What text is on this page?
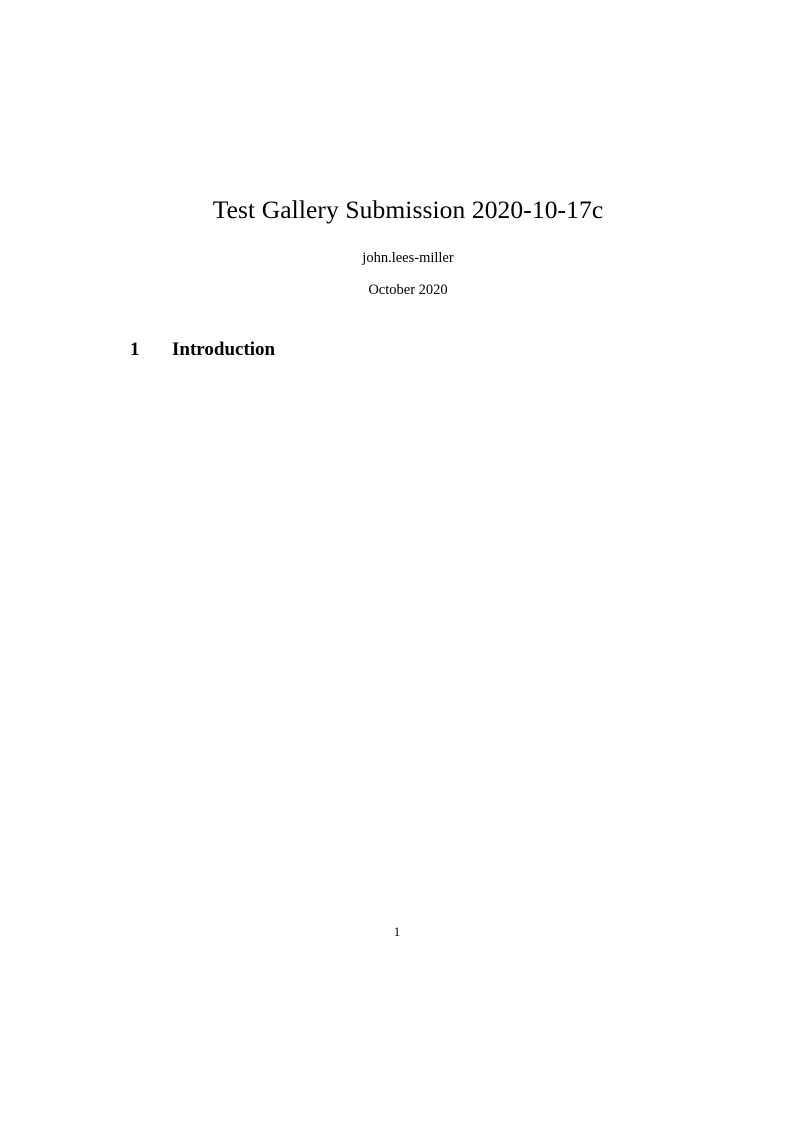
Test Gallery Submission 2020-10-17c
john.lees-miller
October 2020
1	Introduction

1
